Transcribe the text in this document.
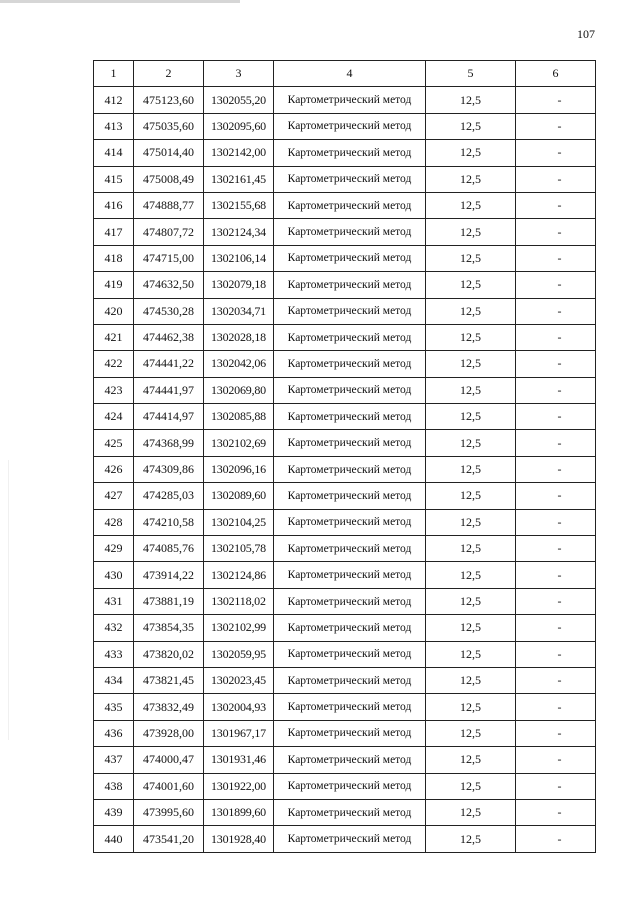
107
1	2	3	4	5	6
412	475123,60	1302055,20	Картометрический метод	12,5	-
413	475035,60	1302095,60	Картометрический метод	12,5	-
414	475014,40	1302142,00	Картометрический метод	12,5	-
415	475008,49	1302161,45	Картометрический метод	12,5	-
416	474888,77	1302155,68	Картометрический метод	12,5	-
417	474807,72	1302124,34	Картометрический метод	12,5	-
418	474715,00	1302106,14	Картометрический метод	12,5	-
419	474632,50	1302079,18	Картометрический метод	12,5	-
420	474530,28	1302034,71	Картометрический метод	12,5	-
421	474462,38	1302028,18	Картометрический метод	12,5	-
422	474441,22	1302042,06	Картометрический метод	12,5	-
423	474441,97	1302069,80	Картометрический метод	12,5	-
424	474414,97	1302085,88	Картометрический метод	12,5	-
425	474368,99	1302102,69	Картометрический метод	12,5	-
426	474309,86	1302096,16	Картометрический метод	12,5	-
427	474285,03	1302089,60	Картометрический метод	12,5	-
428	474210,58	1302104,25	Картометрический метод	12,5	-
429	474085,76	1302105,78	Картометрический метод	12,5	-
430	473914,22	1302124,86	Картометрический метод	12,5	-
431	473881,19	1302118,02	Картометрический метод	12,5	-
432	473854,35	1302102,99	Картометрический метод	12,5	-
433	473820,02	1302059,95	Картометрический метод	12,5	-
434	473821,45	1302023,45	Картометрический метод	12,5	-
435	473832,49	1302004,93	Картометрический метод	12,5	-
436	473928,00	1301967,17	Картометрический метод	12,5	-
437	474000,47	1301931,46	Картометрический метод	12,5	-
438	474001,60	1301922,00	Картометрический метод	12,5	-
439	473995,60	1301899,60	Картометрический метод	12,5	-
440	473541,20	1301928,40	Картометрический метод	12,5	-
